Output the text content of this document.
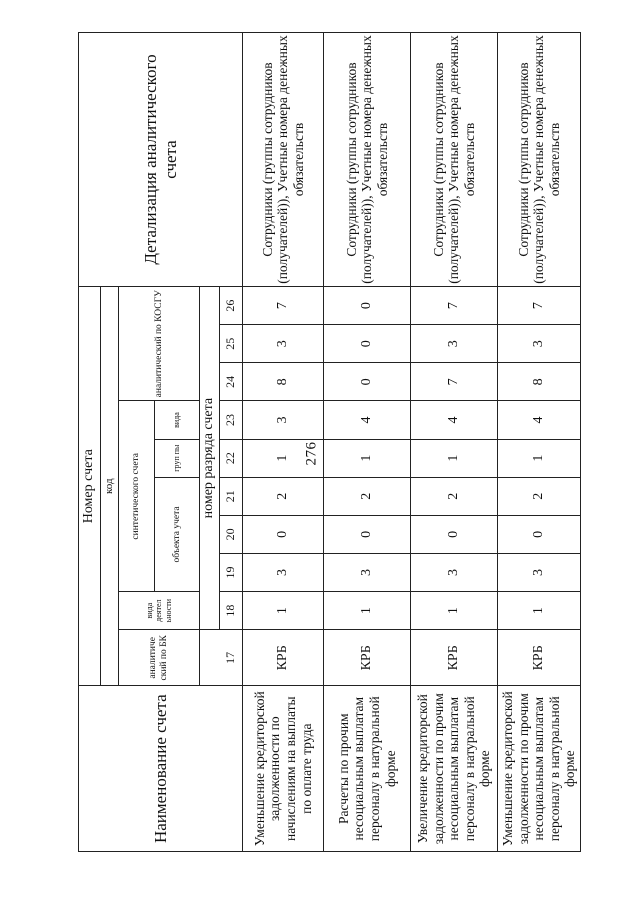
276
Наименование счета	Номер счета										Детализация аналитического счета
	код										
	аналитиче ский по БК	вида деятел ьности	синтетического счета					аналитический по КОСГУ			
			объекта учета			груп пы	вида				
		номер разряда счета									
	17	18	19	20	21	22	23	24	25	26	
Уменьшение кредиторской задолженности по начислениям на выплаты по оплате труда	КРБ	1	3	0	2	1	3	8	3	7	Сотрудники (группы сотрудников (получателей)), Учетные номера денежных обязательств
Расчеты по прочим несоциальным выплатам персоналу в натуральной форме	КРБ	1	3	0	2	1	4	0	0	0	Сотрудники (группы сотрудников (получателей)), Учетные номера денежных обязательств
Увеличение кредиторской задолженности по прочим несоциальным выплатам персоналу в натуральной форме	КРБ	1	3	0	2	1	4	7	3	7	Сотрудники (группы сотрудников (получателей)), Учетные номера денежных обязательств
Уменьшение кредиторской задолженности по прочим несоциальным выплатам персоналу в натуральной форме	КРБ	1	3	0	2	1	4	8	3	7	Сотрудники (группы сотрудников (получателей)), Учетные номера денежных обязательств
